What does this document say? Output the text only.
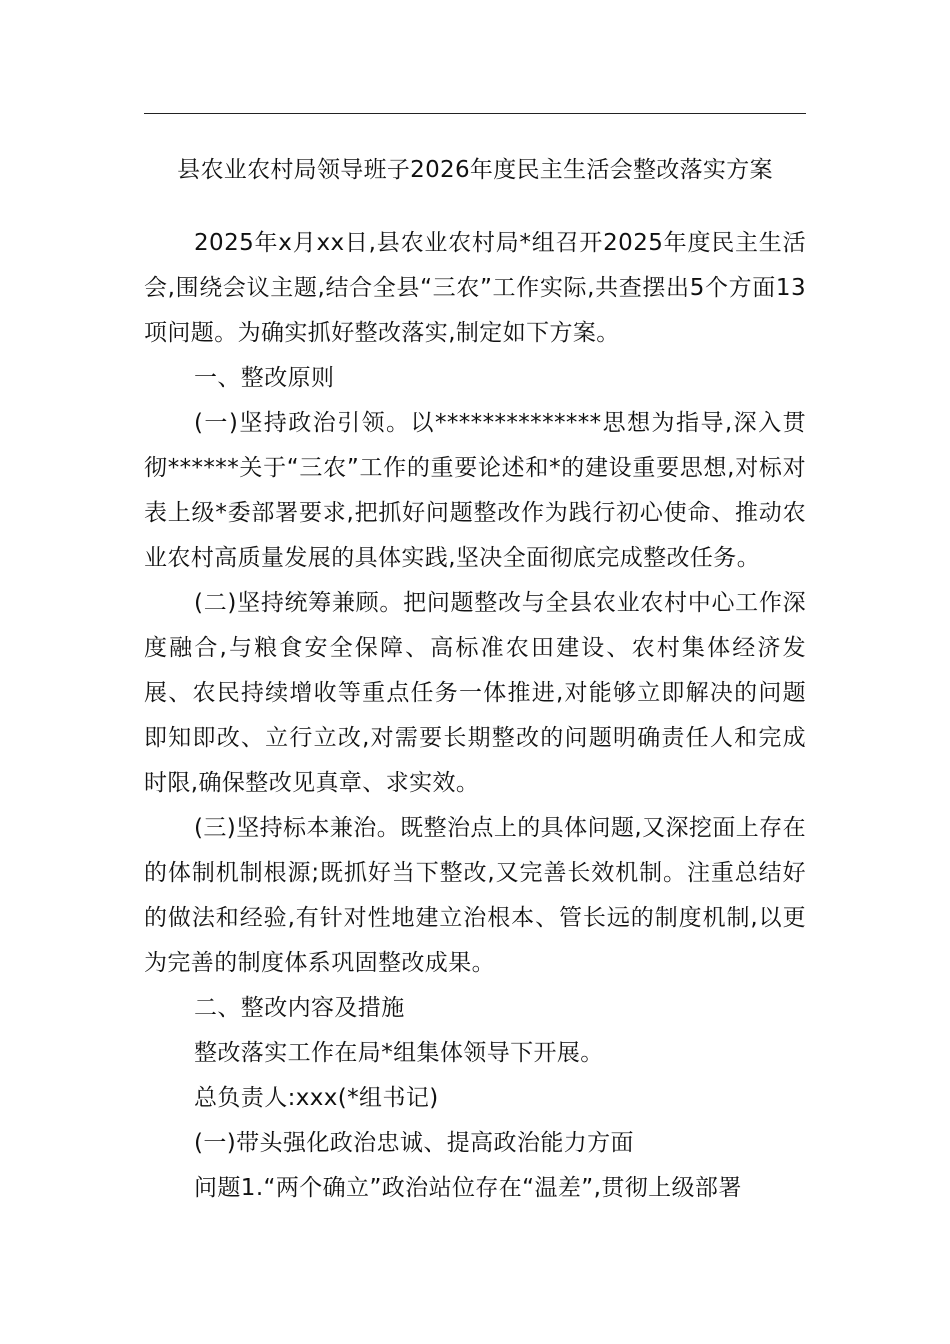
县农业农村局领导班子2026年度民主生活会整改落实方案

2025年x月xx日,县农业农村局*组召开2025年度民主生活会,围绕会议主题,结合全县“三农”工作实际,共查摆出5个方面13项问题。为确实抓好整改落实,制定如下方案。

一、整改原则

(一)坚持政治引领。以**************思想为指导,深入贯彻******关于“三农”工作的重要论述和*的建设重要思想,对标对表上级*委部署要求,把抓好问题整改作为践行初心使命、推动农业农村高质量发展的具体实践,坚决全面彻底完成整改任务。

(二)坚持统筹兼顾。把问题整改与全县农业农村中心工作深度融合,与粮食安全保障、高标准农田建设、农村集体经济发展、农民持续增收等重点任务一体推进,对能够立即解决的问题即知即改、立行立改,对需要长期整改的问题明确责任人和完成时限,确保整改见真章、求实效。

(三)坚持标本兼治。既整治点上的具体问题,又深挖面上存在的体制机制根源;既抓好当下整改,又完善长效机制。注重总结好的做法和经验,有针对性地建立治根本、管长远的制度机制,以更为完善的制度体系巩固整改成果。

二、整改内容及措施

整改落实工作在局*组集体领导下开展。

总负责人:xxx(*组书记)

(一)带头强化政治忠诚、提高政治能力方面

问题1.“两个确立”政治站位存在“温差”,贯彻上级部署
